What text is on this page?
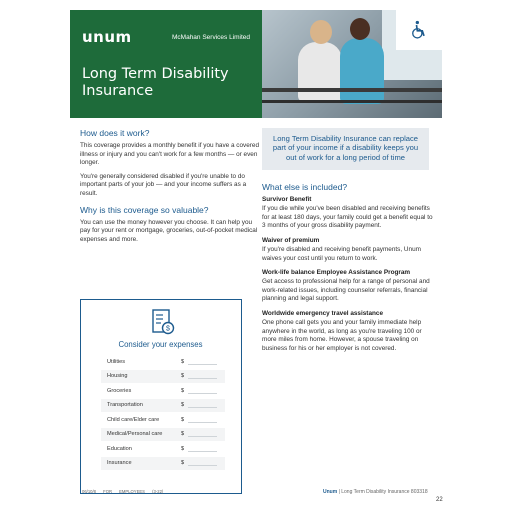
unum	McMahan Services Limited
Long Term Disability Insurance
How does it work?

This coverage provides a monthly benefit if you have a covered illness or injury and you can't work for a few months — or even longer.

You're generally considered disabled if you're unable to do important parts of your job — and your income suffers as a result.

Why is this coverage so valuable?

You can use the money however you choose. It can help you pay for your rent or mortgage, groceries, out-of-pocket medical expenses and more.

Long Term Disability Insurance can replace part of your income if a disability keeps you out of work for a long period of time
What else is included?
Survivor Benefit

If you die while you've been disabled and receiving benefits for at least 180 days, your family could get a benefit equal to 3 months of your gross disability payment.

Waiver of premium

If you're disabled and receiving benefit payments, Unum waives your cost until you return to work.

Work-life balance Employee Assistance Program

Get access to professional help for a range of personal and work-related issues, including counselor referrals, financial planning and legal support.

Worldwide emergency travel assistance

One phone call gets you and your family immediate help anywhere in the world, as long as you're traveling 100 or more miles from home. However, a spouse traveling on business for his or her employer is not covered.

$
Consider your expenses
Utilities	$
Housing	$
Groceries	$
Transportation	$
Child care/Elder care	$
Medical/Personal care	$
Education	$
Insurance	$
06/10/8 FOR EMPLOYEES (3-22)	Unum | Long Term Disability Insurance 803318
22
